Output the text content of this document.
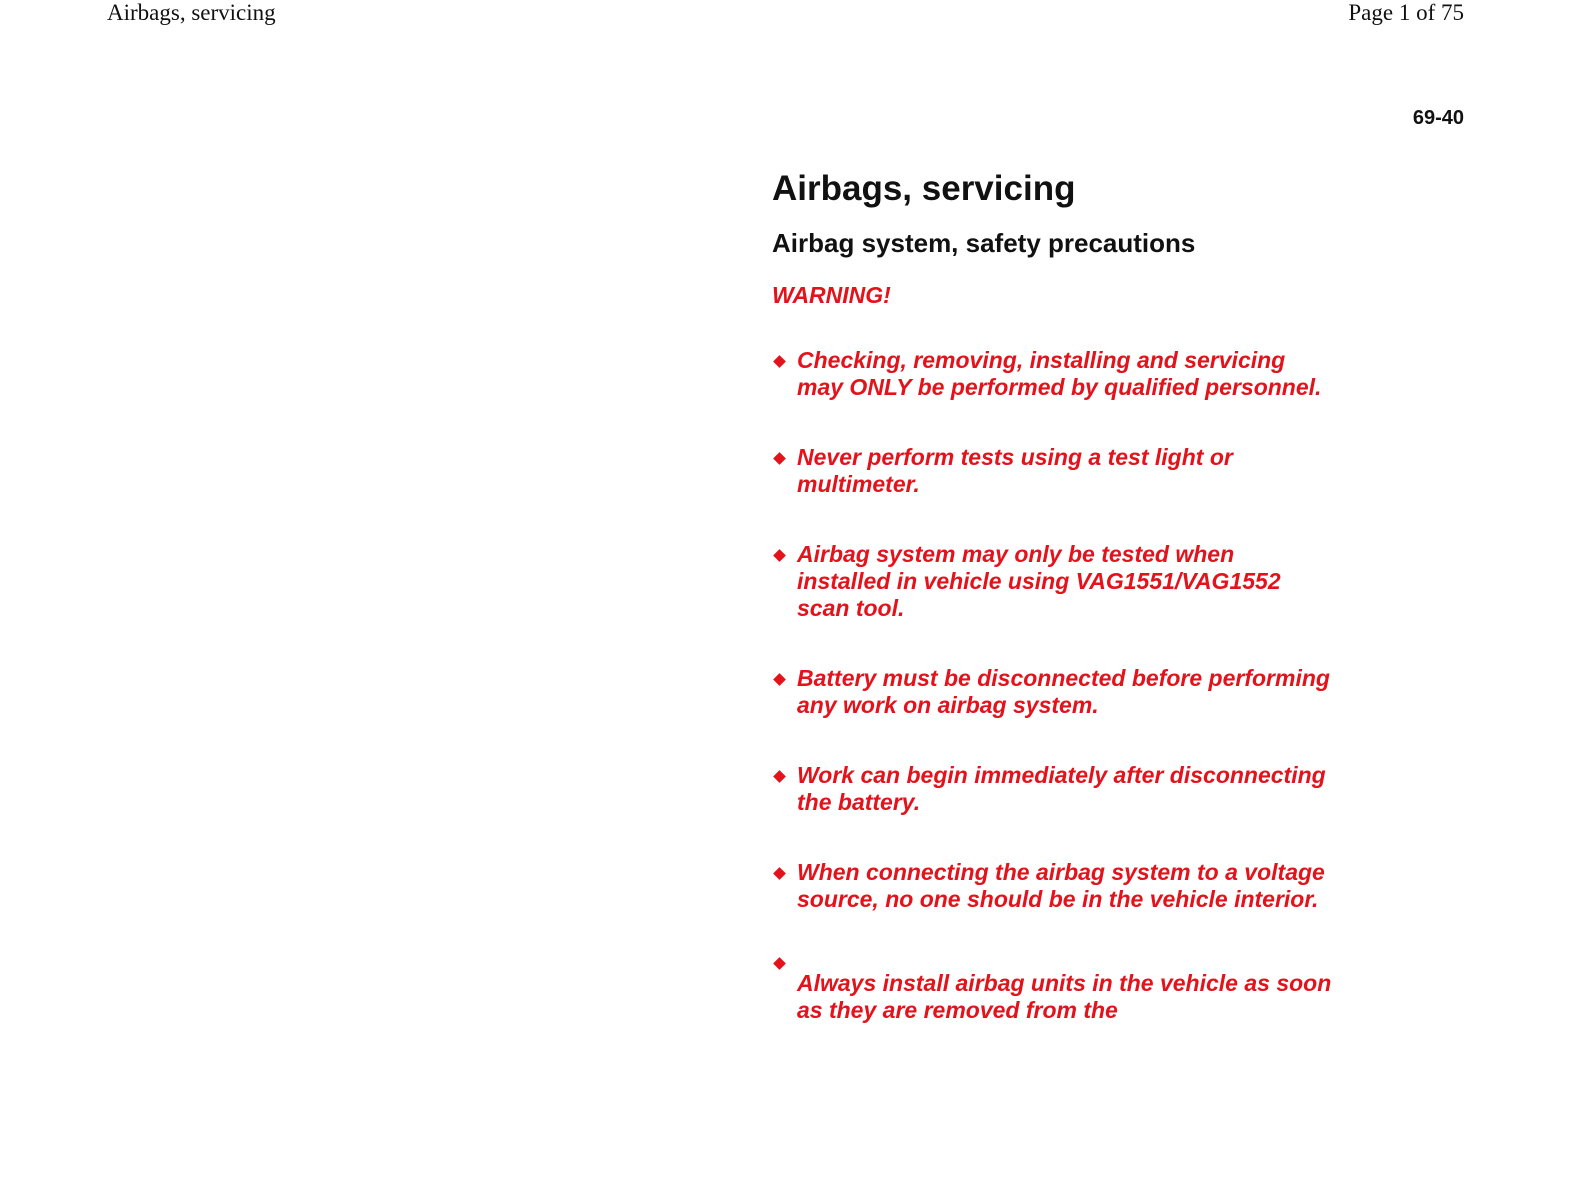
Airbags, servicing	Page 1 of 75
69-40
Airbags, servicing
Airbag system, safety precautions
WARNING!
Checking, removing, installing and servicing may ONLY be performed by qualified personnel.
Never perform tests using a test light or multimeter.
Airbag system may only be tested when installed in vehicle using VAG1551/VAG1552 scan tool.
Battery must be disconnected before performing any work on airbag system.
Work can begin immediately after disconnecting the battery.
When connecting the airbag system to a voltage source, no one should be in the vehicle interior.
Always install airbag units in the vehicle as soon as they are removed from the
